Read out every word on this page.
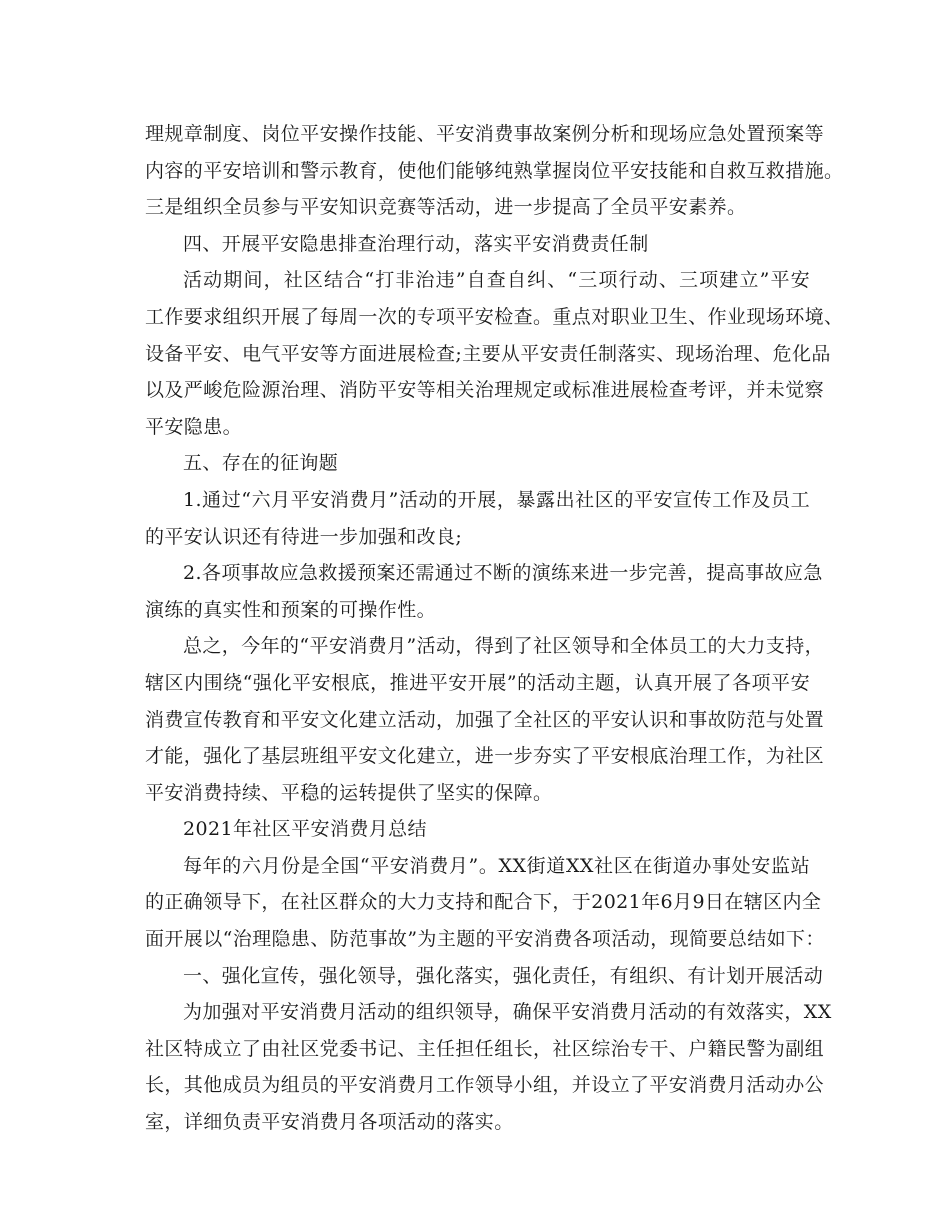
理规章制度、岗位平安操作技能、平安消费事故案例分析和现场应急处置预案等
内容的平安培训和警示教育，使他们能够纯熟掌握岗位平安技能和自救互救措施。
三是组织全员参与平安知识竞赛等活动，进一步提高了全员平安素养。
四、开展平安隐患排查治理行动，落实平安消费责任制
活动期间，社区结合“打非治违”自查自纠、“三项行动、三项建立”平安
工作要求组织开展了每周一次的专项平安检查。重点对职业卫生、作业现场环境、
设备平安、电气平安等方面进展检查;主要从平安责任制落实、现场治理、危化品
以及严峻危险源治理、消防平安等相关治理规定或标准进展检查考评，并未觉察
平安隐患。
五、存在的征询题
1.通过“六月平安消费月”活动的开展，暴露出社区的平安宣传工作及员工
的平安认识还有待进一步加强和改良;
2.各项事故应急救援预案还需通过不断的演练来进一步完善，提高事故应急
演练的真实性和预案的可操作性。
总之，今年的“平安消费月”活动，得到了社区领导和全体员工的大力支持，
辖区内围绕“强化平安根底，推进平安开展”的活动主题，认真开展了各项平安
消费宣传教育和平安文化建立活动，加强了全社区的平安认识和事故防范与处置
才能，强化了基层班组平安文化建立，进一步夯实了平安根底治理工作，为社区
平安消费持续、平稳的运转提供了坚实的保障。
2021年社区平安消费月总结
每年的六月份是全国“平安消费月”。XX街道XX社区在街道办事处安监站
的正确领导下，在社区群众的大力支持和配合下，于2021年6月9日在辖区内全
面开展以“治理隐患、防范事故”为主题的平安消费各项活动，现简要总结如下：
一、强化宣传，强化领导，强化落实，强化责任，有组织、有计划开展活动
为加强对平安消费月活动的组织领导，确保平安消费月活动的有效落实，XX
社区特成立了由社区党委书记、主任担任组长，社区综治专干、户籍民警为副组
长，其他成员为组员的平安消费月工作领导小组，并设立了平安消费月活动办公
室，详细负责平安消费月各项活动的落实。
